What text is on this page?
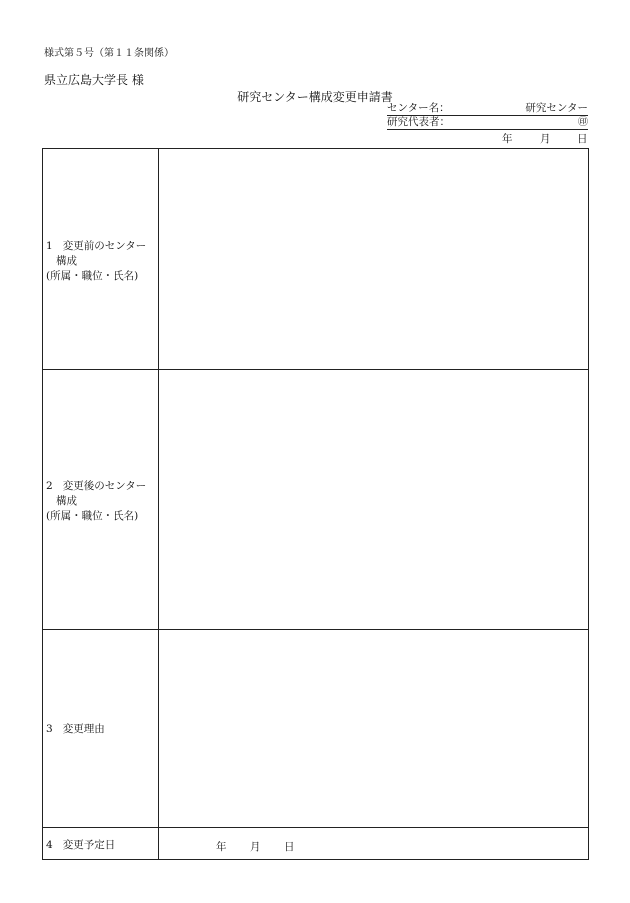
様式第５号（第１１条関係）
県立広島大学長 様
研究センター構成変更申請書
センター名：	研究センター
研究代表者：	㊞
年	月	日
1 変更前のセンター
構成
(所属・職位・氏名)
2 変更後のセンター
構成
(所属・職位・氏名)
3 変更理由
4 変更予定日	年 月 日
